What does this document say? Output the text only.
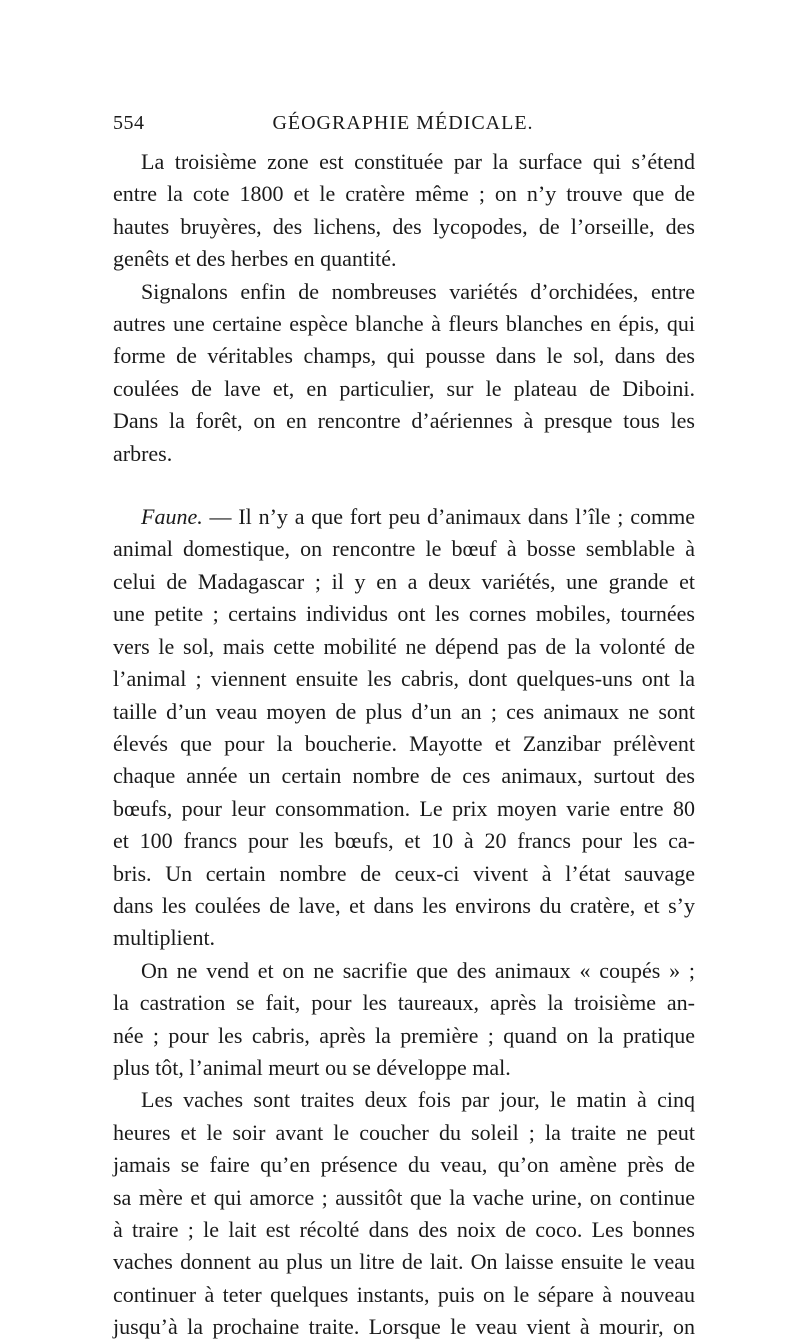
554	GÉOGRAPHIE MÉDICALE.
La troisième zone est constituée par la surface qui s’étend
entre la cote 1800 et le cratère même ; on n’y trouve que de
hautes bruyères, des lichens, des lycopodes, de l’orseille, des
genêts et des herbes en quantité.
Signalons enfin de nombreuses variétés d’orchidées, entre
autres une certaine espèce blanche à fleurs blanches en épis, qui
forme de véritables champs, qui pousse dans le sol, dans des
coulées de lave et, en particulier, sur le plateau de Diboini.
Dans la forêt, on en rencontre d’aériennes à presque tous les
arbres.
Faune. — Il n’y a que fort peu d’animaux dans l’île ; comme
animal domestique, on rencontre le bœuf à bosse semblable à
celui de Madagascar ; il y en a deux variétés, une grande et
une petite ; certains individus ont les cornes mobiles, tournées
vers le sol, mais cette mobilité ne dépend pas de la volonté de
l’animal ; viennent ensuite les cabris, dont quelques-uns ont la
taille d’un veau moyen de plus d’un an ; ces animaux ne sont
élevés que pour la boucherie. Mayotte et Zanzibar prélèvent
chaque année un certain nombre de ces animaux, surtout des
bœufs, pour leur consommation. Le prix moyen varie entre 80
et 100 francs pour les bœufs, et 10 à 20 francs pour les ca-
bris. Un certain nombre de ceux-ci vivent à l’état sauvage
dans les coulées de lave, et dans les environs du cratère, et s’y
multiplient.
On ne vend et on ne sacrifie que des animaux « coupés » ;
la castration se fait, pour les taureaux, après la troisième an-
née ; pour les cabris, après la première ; quand on la pratique
plus tôt, l’animal meurt ou se développe mal.
Les vaches sont traites deux fois par jour, le matin à cinq
heures et le soir avant le coucher du soleil ; la traite ne peut
jamais se faire qu’en présence du veau, qu’on amène près de
sa mère et qui amorce ; aussitôt que la vache urine, on continue
à traire ; le lait est récolté dans des noix de coco. Les bonnes
vaches donnent au plus un litre de lait. On laisse ensuite le veau
continuer à teter quelques instants, puis on le sépare à nouveau
jusqu’à la prochaine traite. Lorsque le veau vient à mourir, on
